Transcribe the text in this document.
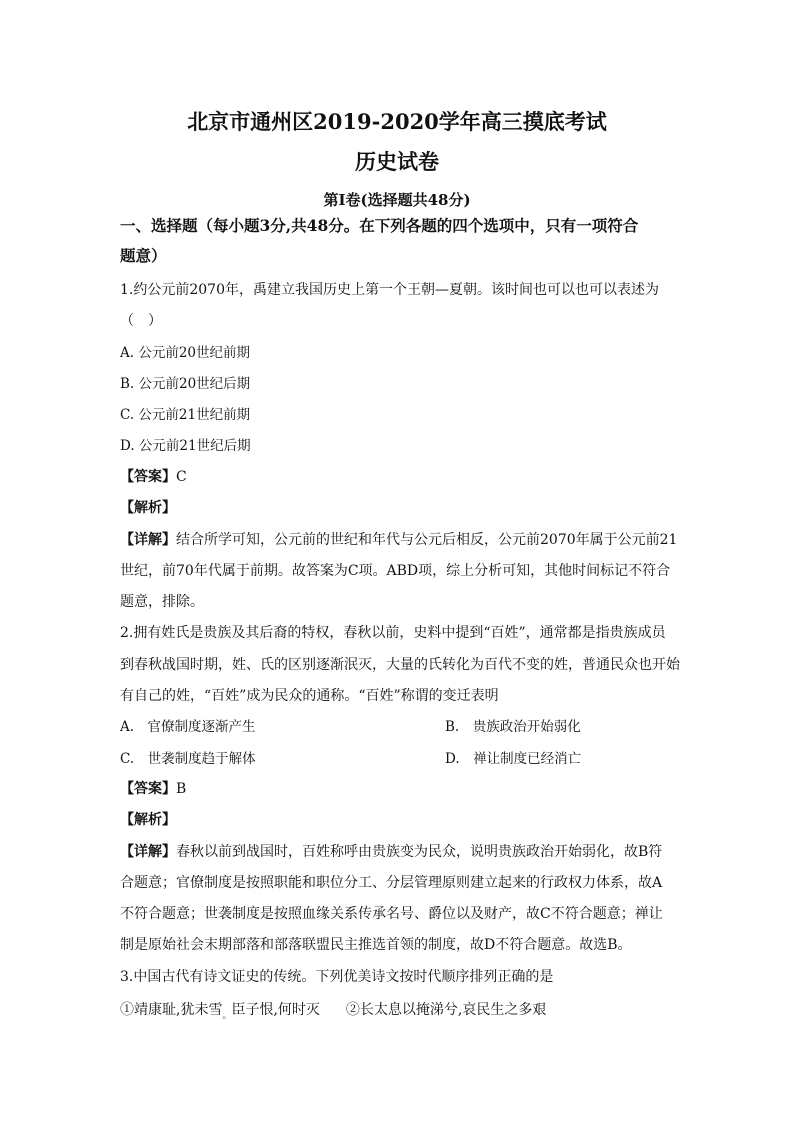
北京市通州区2019-2020学年高三摸底考试
历史试卷
第Ⅰ卷(选择题共48分)
一、选择题（每小题3分,共48分。在下列各题的四个选项中，只有一项符合
题意）
1.约公元前2070年，禹建立我国历史上第一个王朝—夏朝。该时间也可以也可以表述为
（　）
A. 公元前20世纪前期
B. 公元前20世纪后期
C. 公元前21世纪前期
D. 公元前21世纪后期
【答案】C
【解析】
【详解】结合所学可知，公元前的世纪和年代与公元后相反，公元前2070年属于公元前21
世纪，前70年代属于前期。故答案为C项。ABD项，综上分析可知，其他时间标记不符合
题意，排除。
2.拥有姓氏是贵族及其后裔的特权，春秋以前，史料中提到“百姓”，通常都是指贵族成员
到春秋战国时期，姓、氏的区别逐渐泯灭，大量的氏转化为百代不变的姓，普通民众也开始
有自己的姓，“百姓”成为民众的通称。“百姓”称谓的变迁表明
A.　官僚制度逐渐产生	B.　贵族政治开始弱化
C.　世袭制度趋于解体	D.　禅让制度已经消亡
【答案】B
【解析】
【详解】春秋以前到战国时，百姓称呼由贵族变为民众，说明贵族政治开始弱化，故B符
合题意；官僚制度是按照职能和职位分工、分层管理原则建立起来的行政权力体系，故A
不符合题意；世袭制度是按照血缘关系传承名号、爵位以及财产，故C不符合题意；禅让
制是原始社会末期部落和部落联盟民主推选首领的制度，故D不符合题意。故选B。
3.中国古代有诗文证史的传统。下列优美诗文按时代顺序排列正确的是
①靖康耻,犹未雪$_。$臣子恨,何时灭 ②长太息以掩涕兮,哀民生之多艰
